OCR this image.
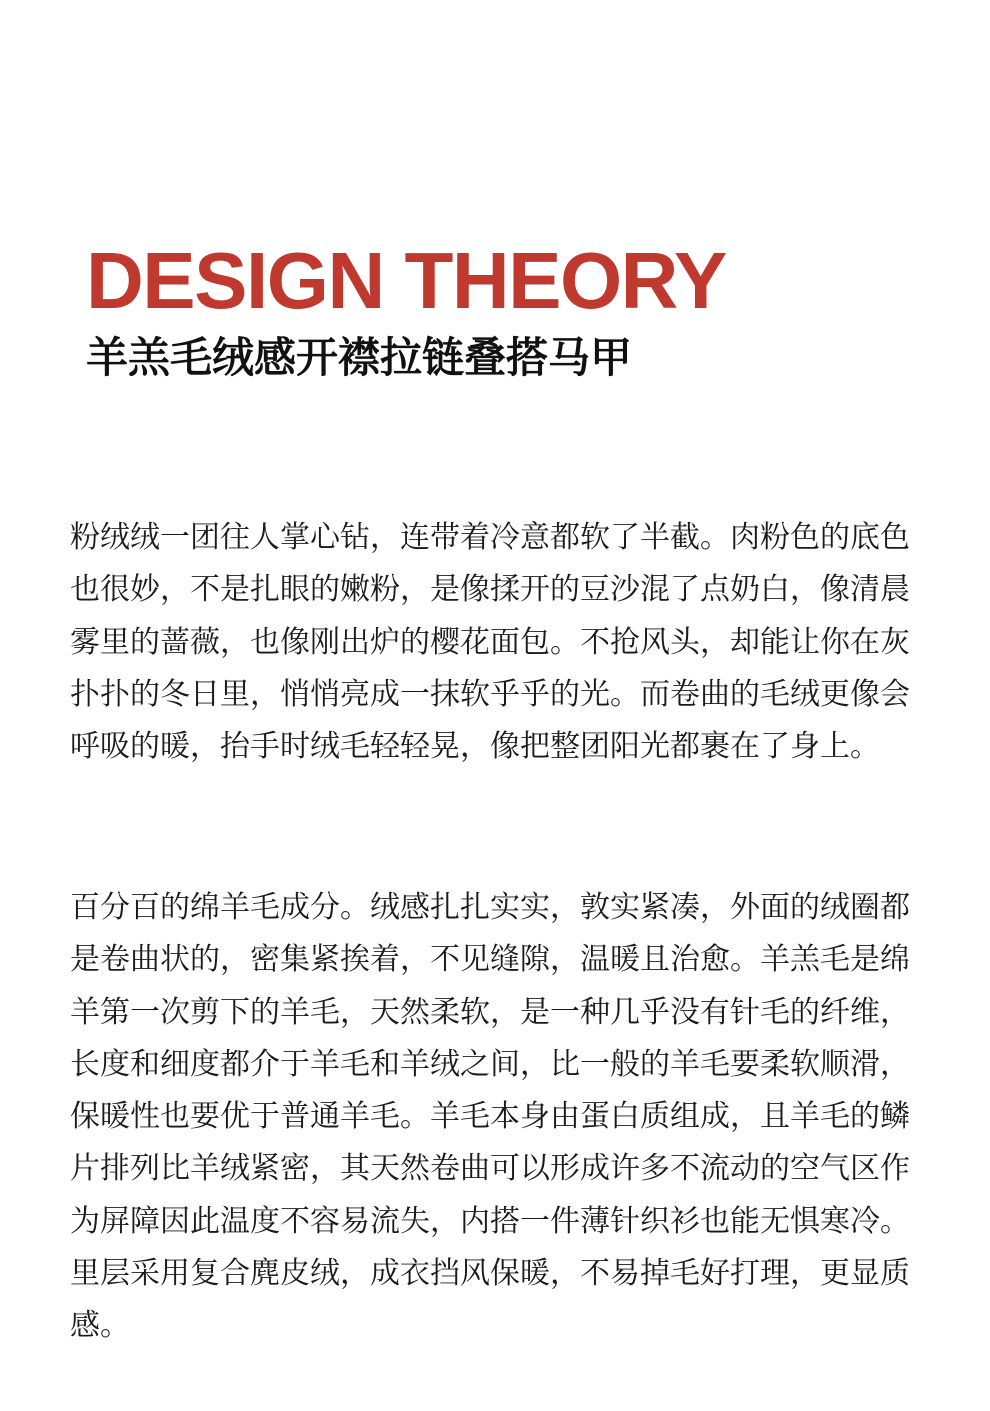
DESIGN THEORY
羊羔毛绒感开襟拉链叠搭马甲

粉绒绒一团往人掌心钻，连带着冷意都软了半截。肉粉色的底色也很妙，不是扎眼的嫩粉，是像揉开的豆沙混了点奶白，像清晨雾里的蔷薇，也像刚出炉的樱花面包。不抢风头，却能让你在灰扑扑的冬日里，悄悄亮成一抹软乎乎的光。而卷曲的毛绒更像会呼吸的暖，抬手时绒毛轻轻晃，像把整团阳光都裹在了身上。

百分百的绵羊毛成分。绒感扎扎实实，敦实紧凑，外面的绒圈都是卷曲状的，密集紧挨着，不见缝隙，温暖且治愈。羊羔毛是绵羊第一次剪下的羊毛，天然柔软，是一种几乎没有针毛的纤维，长度和细度都介于羊毛和羊绒之间，比一般的羊毛要柔软顺滑，保暖性也要优于普通羊毛。羊毛本身由蛋白质组成，且羊毛的鳞片排列比羊绒紧密，其天然卷曲可以形成许多不流动的空气区作为屏障因此温度不容易流失，内搭一件薄针织衫也能无惧寒冷。里层采用复合麂皮绒，成衣挡风保暖，不易掉毛好打理，更显质感。
